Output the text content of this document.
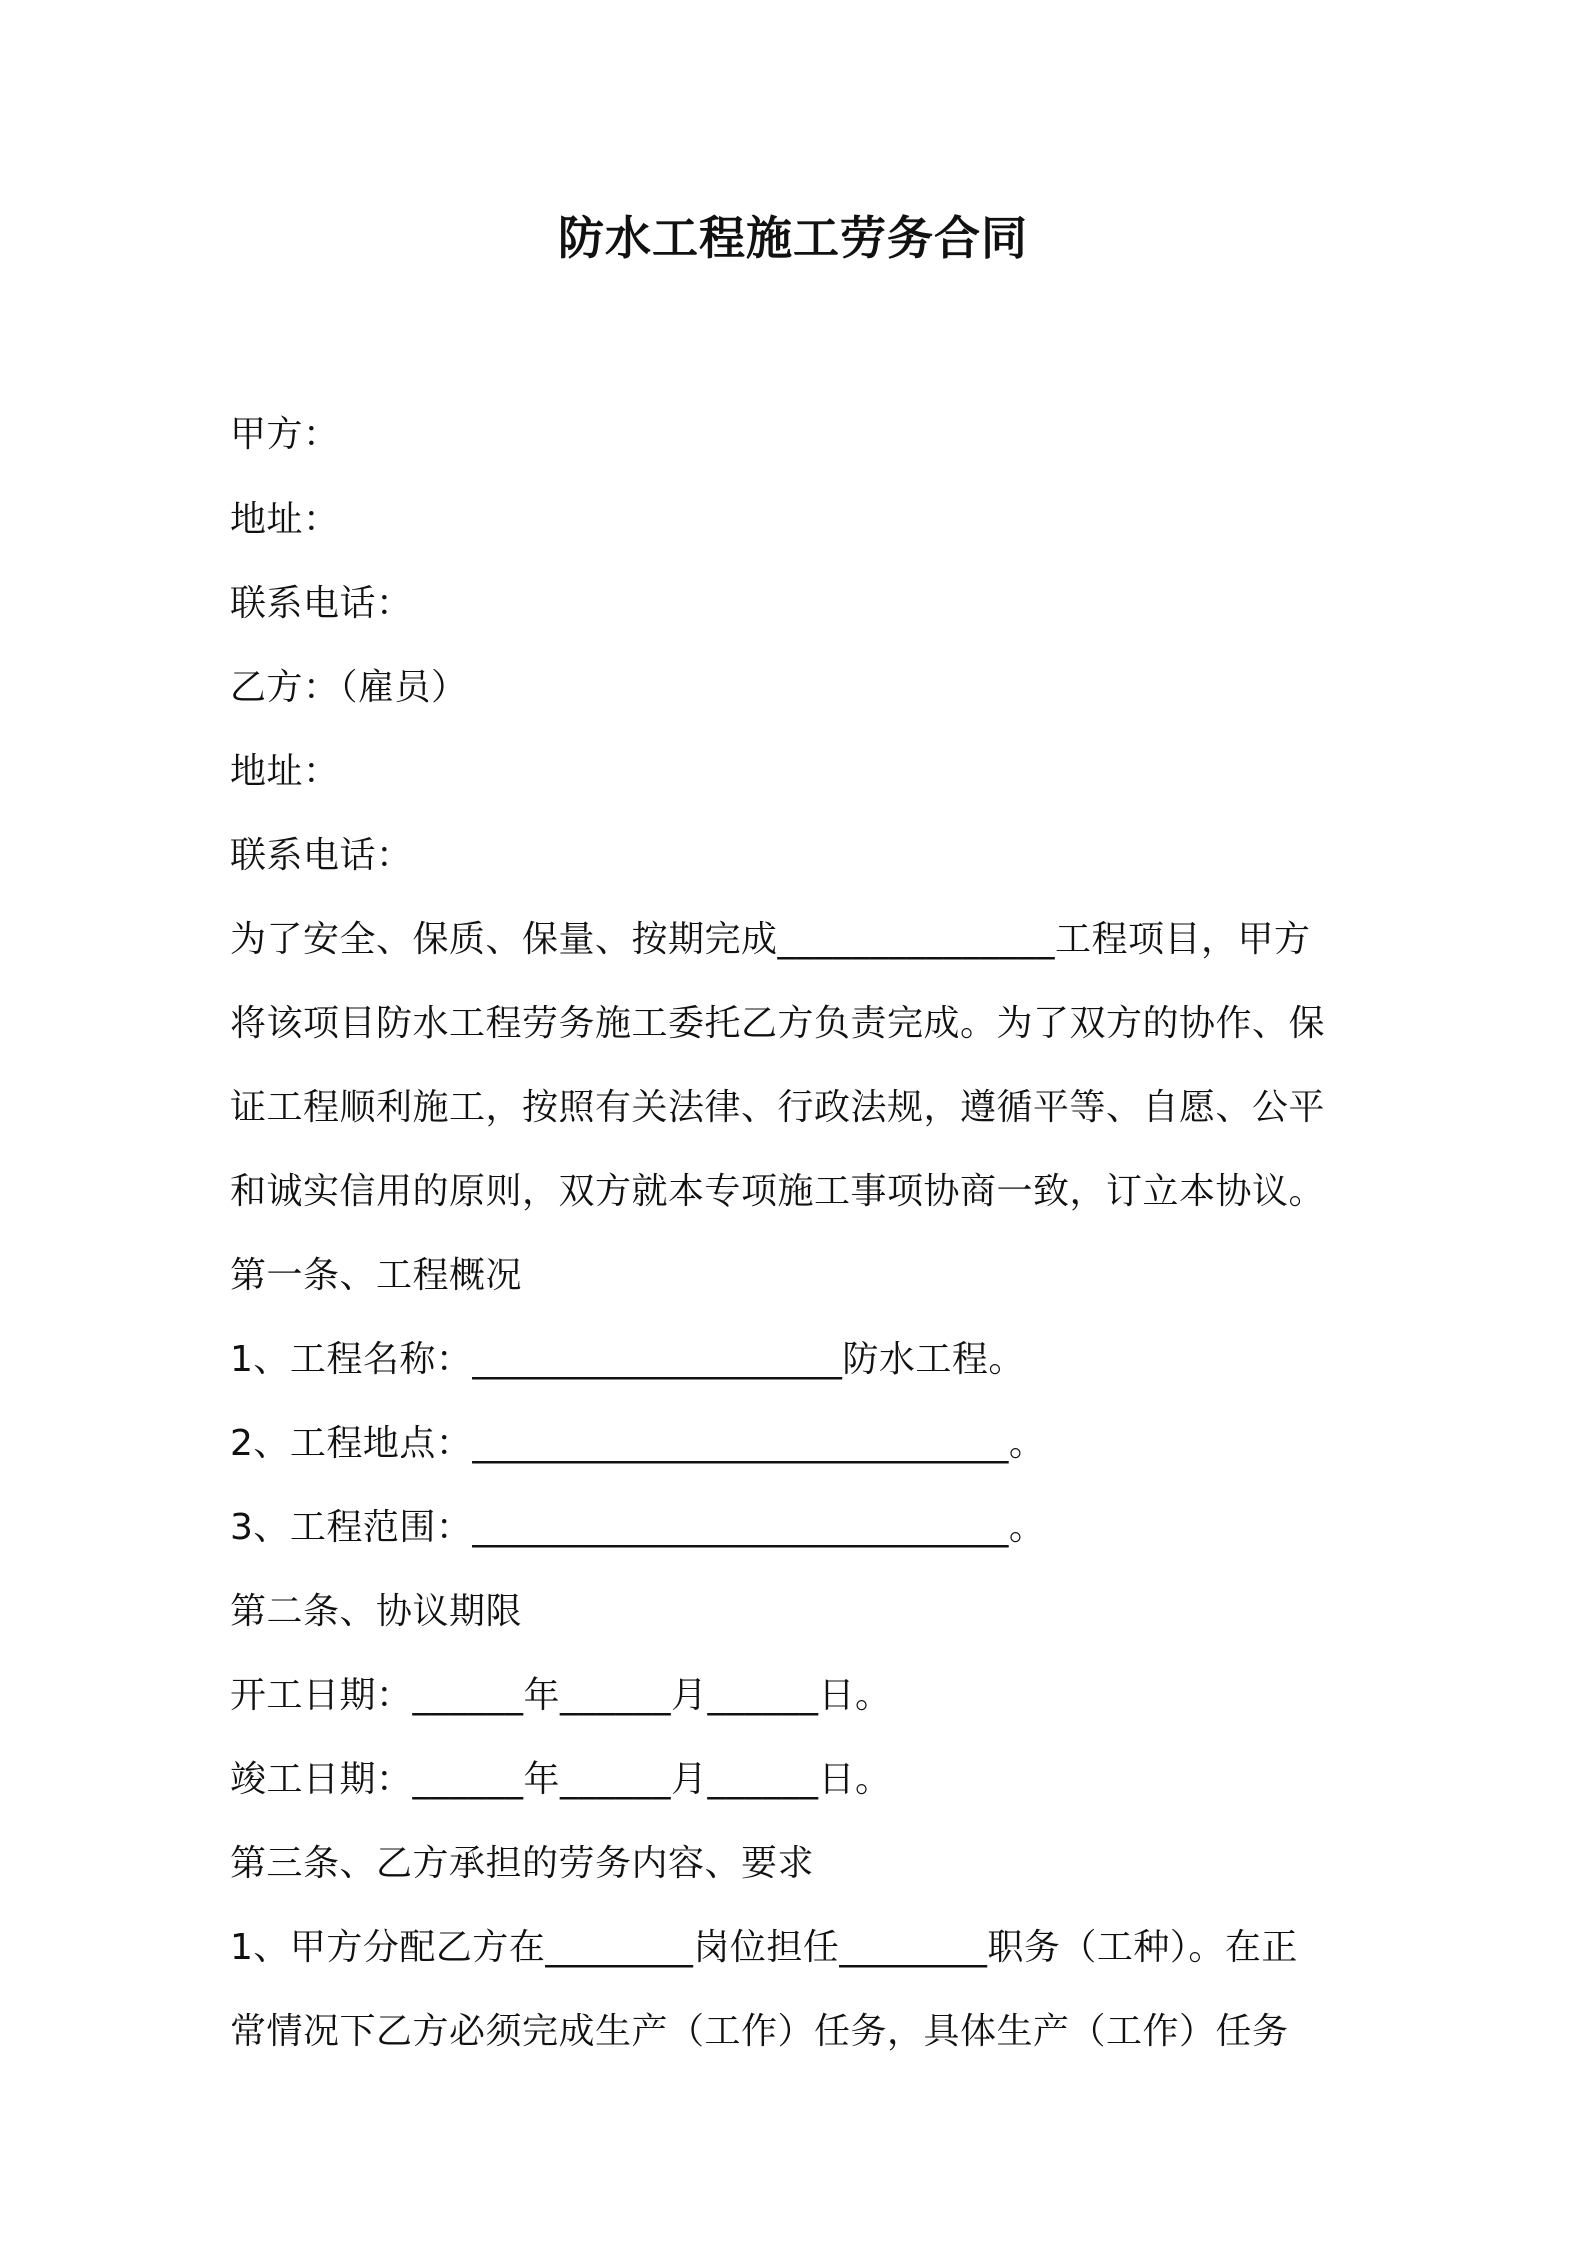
防水工程施工劳务合同
甲方：
地址：
联系电话：
乙方：（雇员）
地址：
联系电话：
为了安全、保质、保量、按期完成_______________工程项目，甲方
将该项目防水工程劳务施工委托乙方负责完成。为了双方的协作、保
证工程顺利施工，按照有关法律、行政法规，遵循平等、自愿、公平
和诚实信用的原则，双方就本专项施工事项协商一致，订立本协议。
第一条、工程概况
1、工程名称：____________________防水工程。
2、工程地点：_____________________________。
3、工程范围：_____________________________。
第二条、协议期限
开工日期：______年______月______日。
竣工日期：______年______月______日。
第三条、乙方承担的劳务内容、要求
1、甲方分配乙方在________岗位担任________职务（工种）。在正
常情况下乙方必须完成生产（工作）任务，具体生产（工作）任务
